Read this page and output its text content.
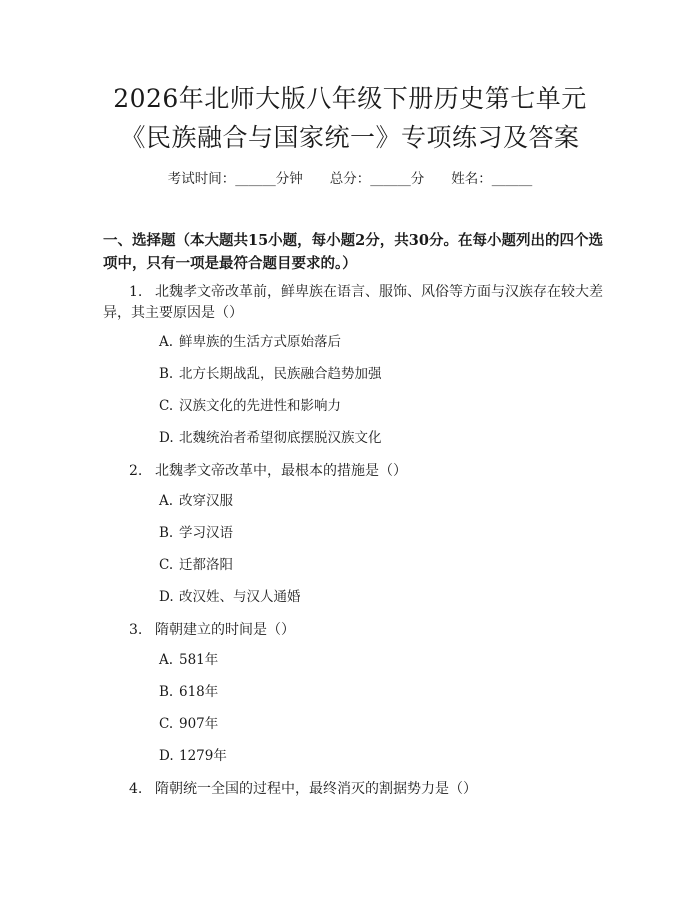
2026年北师大版八年级下册历史第七单元
《民族融合与国家统一》专项练习及答案
考试时间：______分钟　　总分：______分　　姓名：______
一、选择题（本大题共15小题，每小题2分，共30分。在每小题列出的四个选
项中，只有一项是最符合题目要求的。）
1. 北魏孝文帝改革前，鲜卑族在语言、服饰、风俗等方面与汉族存在较大差
异，其主要原因是（）
A. 鲜卑族的生活方式原始落后
B. 北方长期战乱，民族融合趋势加强
C. 汉族文化的先进性和影响力
D. 北魏统治者希望彻底摆脱汉族文化
2. 北魏孝文帝改革中，最根本的措施是（）
A. 改穿汉服
B. 学习汉语
C. 迁都洛阳
D. 改汉姓、与汉人通婚
3. 隋朝建立的时间是（）
A. 581年
B. 618年
C. 907年
D. 1279年
4. 隋朝统一全国的过程中，最终消灭的割据势力是（）
